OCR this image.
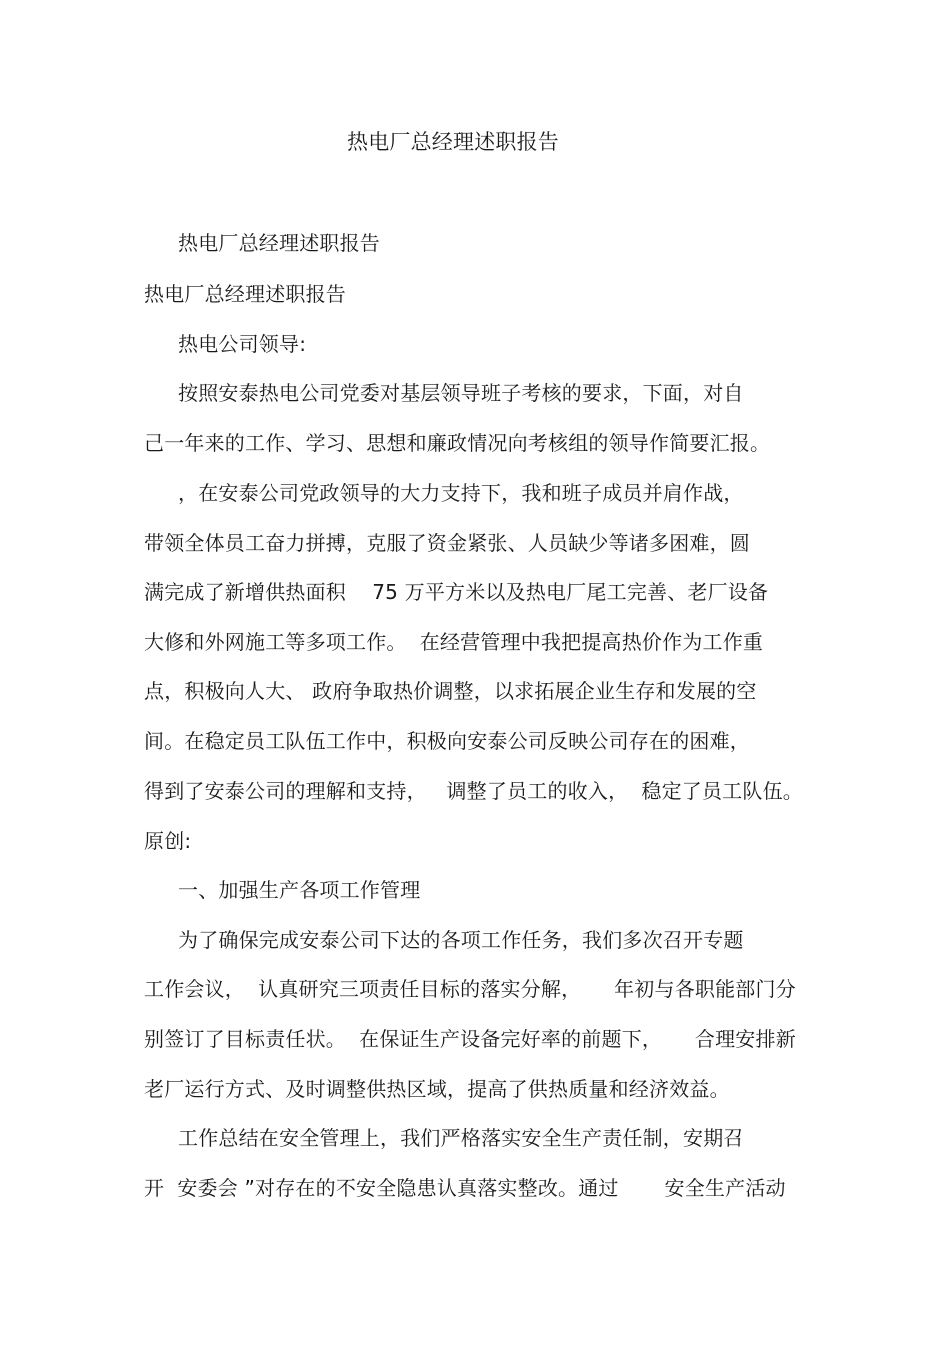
热电厂总经理述职报告
热电厂总经理述职报告
热电厂总经理述职报告
热电公司领导:
按照安泰热电公司党委对基层领导班子考核的要求，下面，对自
己一年来的工作、学习、思想和廉政情况向考核组的领导作简要汇报。
，在安泰公司党政领导的大力支持下，我和班子成员并肩作战，
带领全体员工奋力拼搏，克服了资金紧张、人员缺少等诸多困难，圆
满完成了新增供热面积    75 万平方米以及热电厂尾工完善、老厂设备
大修和外网施工等多项工作。  在经营管理中我把提高热价作为工作重
点，积极向人大、 政府争取热价调整，以求拓展企业生存和发展的空
间。在稳定员工队伍工作中，积极向安泰公司反映公司存在的困难，
得到了安泰公司的理解和支持，   调整了员工的收入，  稳定了员工队伍。
原创:
一、加强生产各项工作管理
为了确保完成安泰公司下达的各项工作任务，我们多次召开专题
工作会议，  认真研究三项责任目标的落实分解，     年初与各职能部门分
别签订了目标责任状。  在保证生产设备完好率的前题下，     合理安排新
老厂运行方式、及时调整供热区域，提高了供热质量和经济效益。
工作总结在安全管理上，我们严格落实安全生产责任制，安期召
开  安委会 ”对存在的不安全隐患认真落实整改。通过       安全生产活动
